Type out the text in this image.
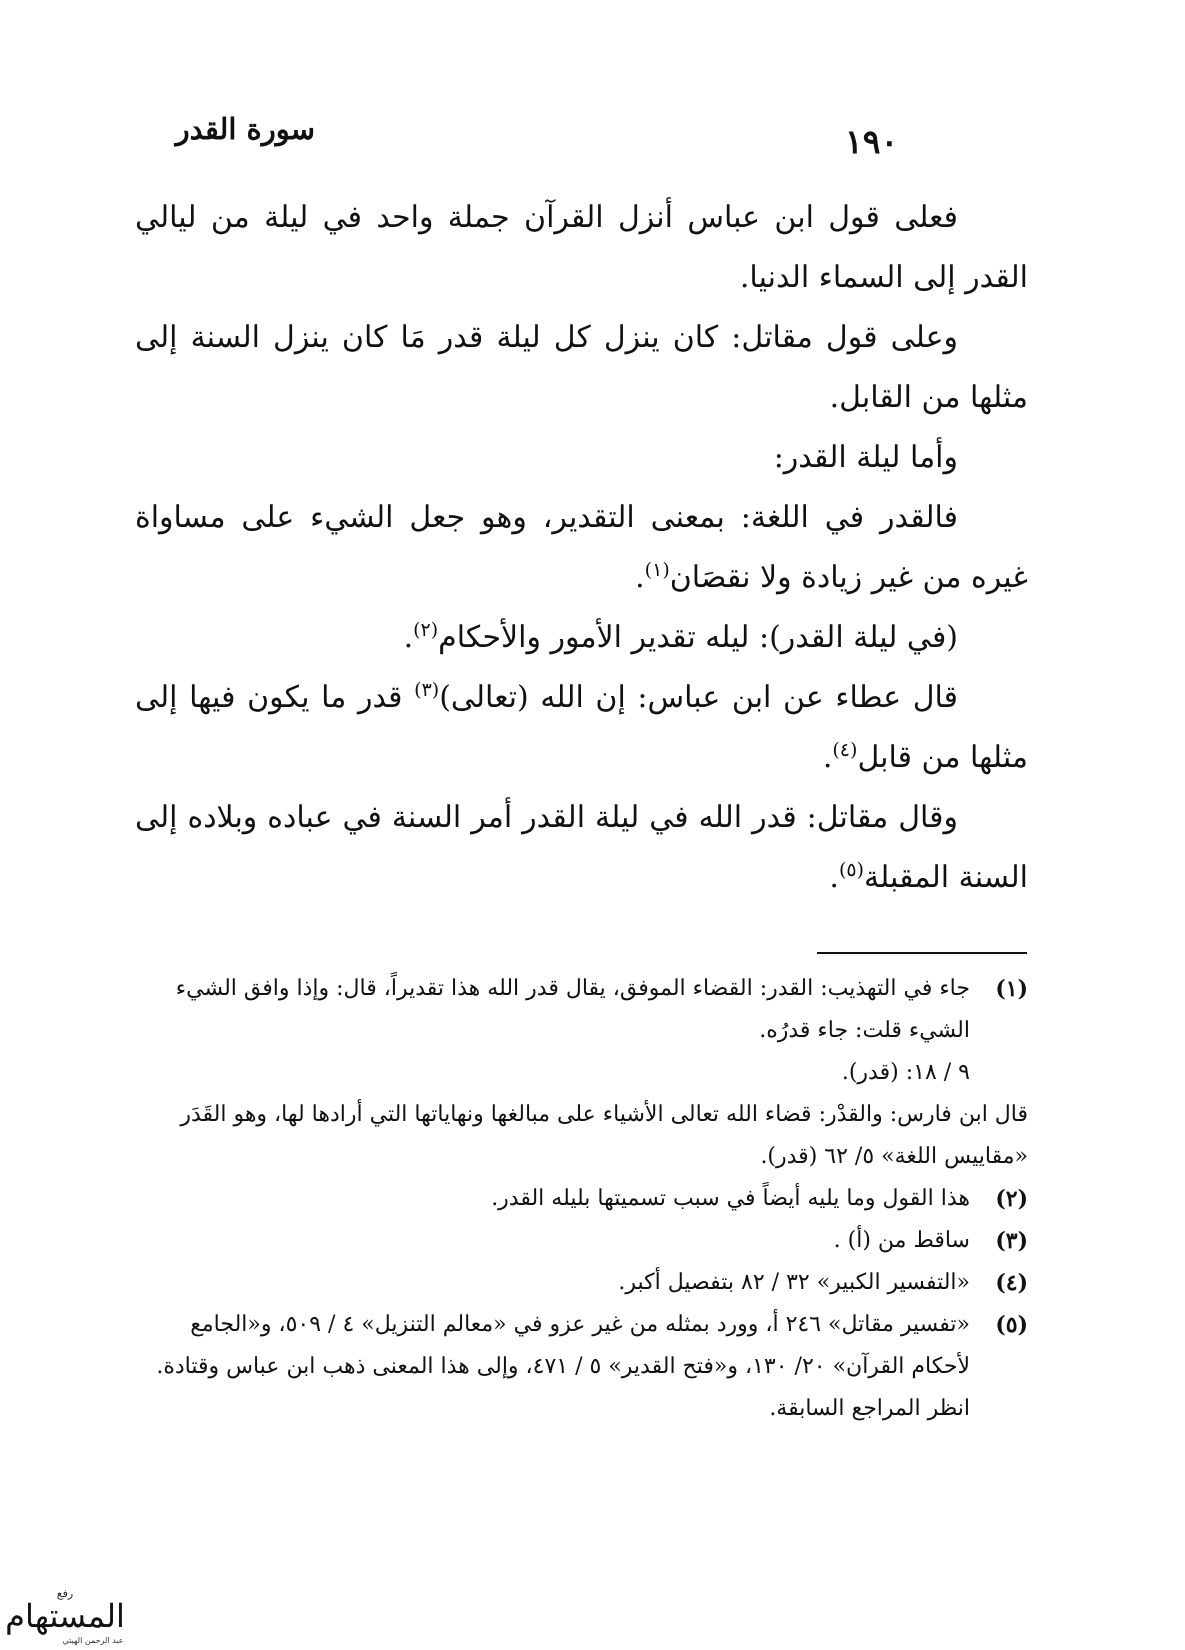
سورة القدر	١٩٠

فعلى قول ابن عباس أنزل القرآن جملة واحد في ليلة من ليالي القدر إلى السماء الدنيا.

وعلى قول مقاتل: كان ينزل كل ليلة قدر مَا كان ينزل السنة إلى مثلها من القابل.

وأما ليلة القدر:

فالقدر في اللغة: بمعنى التقدير، وهو جعل الشيء على مساواة غيره من غير زيادة ولا نقصَان$^{(١)}$.

(في ليلة القدر): ليله تقدير الأمور والأحكام$^{(٢)}$.

قال عطاء عن ابن عباس: إن الله (تعالى)$^{(٣)}$ قدر ما يكون فيها إلى مثلها من قابل$^{(٤)}$.

وقال مقاتل: قدر الله في ليلة القدر أمر السنة في عباده وبلاده إلى السنة المقبلة$^{(٥)}$.

(١)

جاء في التهذيب: القدر: القضاء الموفق، يقال قدر الله هذا تقديراً، قال: وإذا وافق الشيء الشيء قلت: جاء قدرُه.

٩ / ١٨: (قدر).

قال ابن فارس: والقدْر: قضاء الله تعالى الأشياء على مبالغها ونهاياتها التي أرادها لها، وهو القَدَر «مقاييس اللغة» ٥/ ٦٢ (قدر).

(٢)

هذا القول وما يليه أيضاً في سبب تسميتها بليله القدر.

(٣)

ساقط من (أ) .

(٤)

«التفسير الكبير» ٣٢ / ٨٢ بتفصيل أكبر.

(٥)

«تفسير مقاتل» ٢٤٦ أ، وورد بمثله من غير عزو في «معالم التنزيل» ٤ / ٥٠٩، و«الجامع لأحكام القرآن» ٢٠/ ١٣٠، و«فتح القدير» ٥ / ٤٧١، وإلى هذا المعنى ذهب ابن عباس وقتادة. انظر المراجع السابقة.

رفع
المستهام
عبد الرحمن الهيتي
